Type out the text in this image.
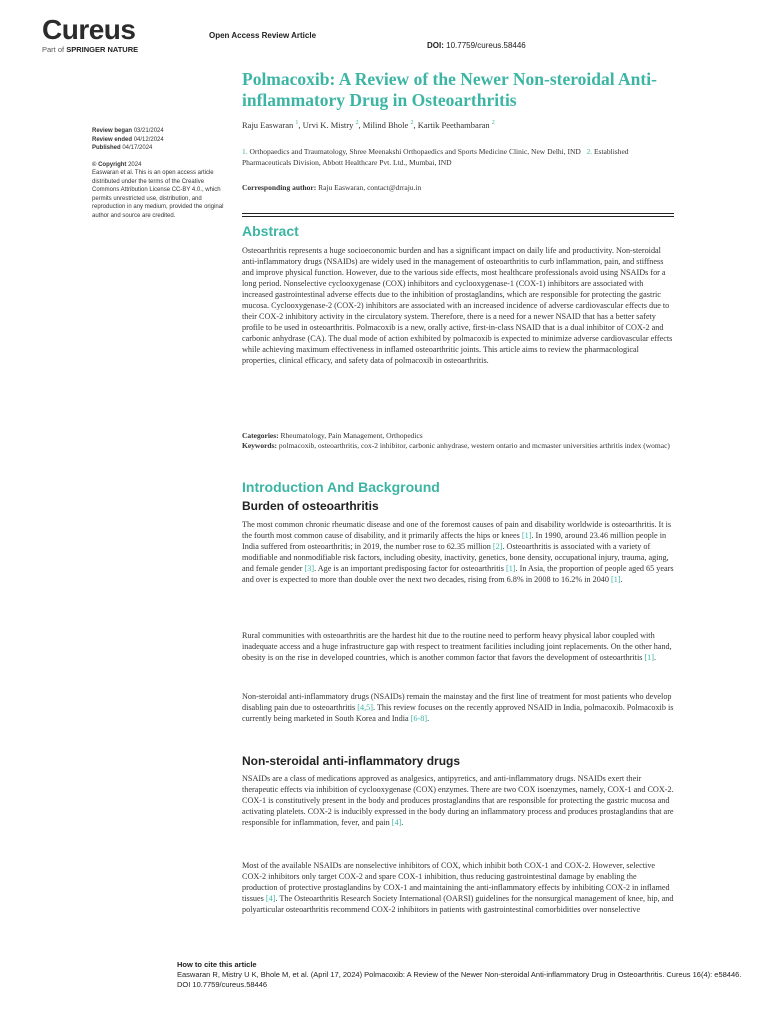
Cureus
Part of SPRINGER NATURE
Open Access Review Article
DOI: 10.7759/cureus.58446
Polmacoxib: A Review of the Newer Non-steroidal Anti-inflammatory Drug in Osteoarthritis
Raju Easwaran $^1$, Urvi K. Mistry $^2$, Milind Bhole $^2$, Kartik Peethambaran $^2$
1. Orthopaedics and Traumatology, Shree Meenakshi Orthopaedics and Sports Medicine Clinic, New Delhi, IND 2. Established Pharmaceuticals Division, Abbott Healthcare Pvt. Ltd., Mumbai, IND
Corresponding author: Raju Easwaran, contact@drraju.in
Review began 03/21/2024
Review ended 04/12/2024
Published 04/17/2024
© Copyright 2024
Easwaran et al. This is an open access article distributed under the terms of the Creative Commons Attribution License CC-BY 4.0., which permits unrestricted use, distribution, and reproduction in any medium, provided the original author and source are credited.
Abstract

Osteoarthritis represents a huge socioeconomic burden and has a significant impact on daily life and productivity. Non-steroidal anti-inflammatory drugs (NSAIDs) are widely used in the management of osteoarthritis to curb inflammation, pain, and stiffness and improve physical function. However, due to the various side effects, most healthcare professionals avoid using NSAIDs for a long period. Nonselective cyclooxygenase (COX) inhibitors and cyclooxygenase-1 (COX-1) inhibitors are associated with increased gastrointestinal adverse effects due to the inhibition of prostaglandins, which are responsible for protecting the gastric mucosa. Cyclooxygenase-2 (COX-2) inhibitors are associated with an increased incidence of adverse cardiovascular effects due to their COX-2 inhibitory activity in the circulatory system. Therefore, there is a need for a newer NSAID that has a better safety profile to be used in osteoarthritis. Polmacoxib is a new, orally active, first-in-class NSAID that is a dual inhibitor of COX-2 and carbonic anhydrase (CA). The dual mode of action exhibited by polmacoxib is expected to minimize adverse cardiovascular effects while achieving maximum effectiveness in inflamed osteoarthritic joints. This article aims to review the pharmacological properties, clinical efficacy, and safety data of polmacoxib in osteoarthritis.

Categories: Rheumatology, Pain Management, Orthopedics
Keywords: polmacoxib, osteoarthritis, cox-2 inhibitor, carbonic anhydrase, western ontario and mcmaster universities arthritis index (womac)
Introduction And Background
Burden of osteoarthritis

The most common chronic rheumatic disease and one of the foremost causes of pain and disability worldwide is osteoarthritis. It is the fourth most common cause of disability, and it primarily affects the hips or knees [1]. In 1990, around 23.46 million people in India suffered from osteoarthritis; in 2019, the number rose to 62.35 million [2]. Osteoarthritis is associated with a variety of modifiable and nonmodifiable risk factors, including obesity, inactivity, genetics, bone density, occupational injury, trauma, aging, and female gender [3]. Age is an important predisposing factor for osteoarthritis [1]. In Asia, the proportion of people aged 65 years and over is expected to more than double over the next two decades, rising from 6.8% in 2008 to 16.2% in 2040 [1].

Rural communities with osteoarthritis are the hardest hit due to the routine need to perform heavy physical labor coupled with inadequate access and a huge infrastructure gap with respect to treatment facilities including joint replacements. On the other hand, obesity is on the rise in developed countries, which is another common factor that favors the development of osteoarthritis [1].

Non-steroidal anti-inflammatory drugs (NSAIDs) remain the mainstay and the first line of treatment for most patients who develop disabling pain due to osteoarthritis [4,5]. This review focuses on the recently approved NSAID in India, polmacoxib. Polmacoxib is currently being marketed in South Korea and India [6-8].

Non-steroidal anti-inflammatory drugs

NSAIDs are a class of medications approved as analgesics, antipyretics, and anti-inflammatory drugs. NSAIDs exert their therapeutic effects via inhibition of cyclooxygenase (COX) enzymes. There are two COX isoenzymes, namely, COX-1 and COX-2. COX-1 is constitutively present in the body and produces prostaglandins that are responsible for protecting the gastric mucosa and activating platelets. COX-2 is inducibly expressed in the body during an inflammatory process and produces prostaglandins that are responsible for inflammation, fever, and pain [4].

Most of the available NSAIDs are nonselective inhibitors of COX, which inhibit both COX-1 and COX-2. However, selective COX-2 inhibitors only target COX-2 and spare COX-1 inhibition, thus reducing gastrointestinal damage by enabling the production of protective prostaglandins by COX-1 and maintaining the anti-inflammatory effects by inhibiting COX-2 in inflamed tissues [4]. The Osteoarthritis Research Society International (OARSI) guidelines for the nonsurgical management of knee, hip, and polyarticular osteoarthritis recommend COX-2 inhibitors in patients with gastrointestinal comorbidities over nonselective

How to cite this article
Easwaran R, Mistry U K, Bhole M, et al. (April 17, 2024) Polmacoxib: A Review of the Newer Non-steroidal Anti-inflammatory Drug in Osteoarthritis. Cureus 16(4): e58446. DOI 10.7759/cureus.58446
